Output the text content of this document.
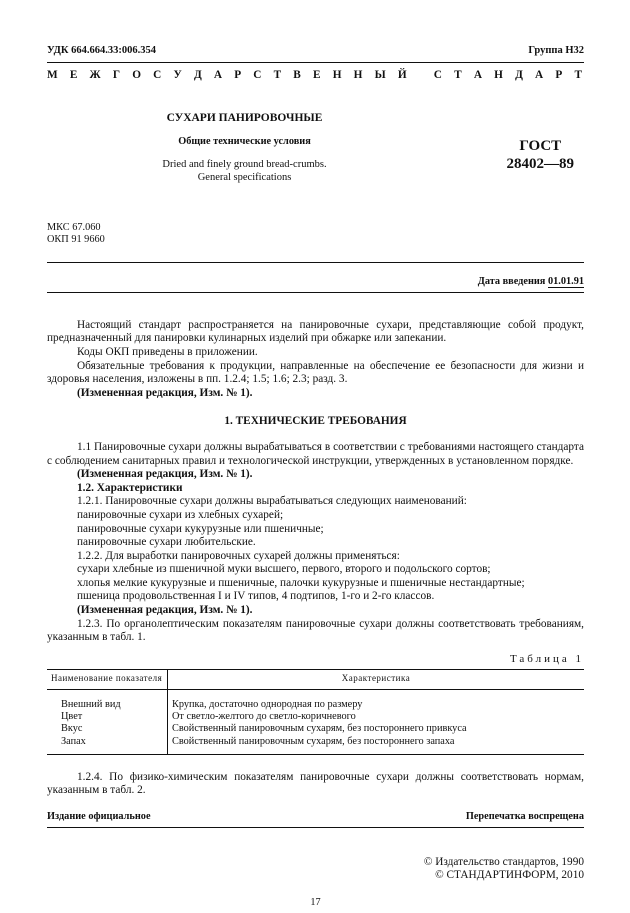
УДК 664.664.33:006.354	Группа Н32
М Е Ж Г О С У Д А Р С Т В Е Н Н Ы Й
С Т А Н Д А Р Т
СУХАРИ ПАНИРОВОЧНЫЕ
Общие технические условия
Dried and finely ground bread-crumbs.
General specifications
ГОСТ
28402—89
МКС 67.060
ОКП 91 9660
Дата введения 01.01.91

Настоящий стандарт распространяется на панировочные сухари, представляющие собой продукт, предназначенный для панировки кулинарных изделий при обжарке или запекании.

Коды ОКП приведены в приложении.

Обязательные требования к продукции, направленные на обеспечение ее безопасности для жизни и здоровья населения, изложены в пп. 1.2.4; 1.5; 1.6; 2.3; разд. 3.

(Измененная редакция, Изм. № 1).

1. ТЕХНИЧЕСКИЕ ТРЕБОВАНИЯ

1.1 Панировочные сухари должны вырабатываться в соответствии с требованиями настоящего стандарта с соблюдением санитарных правил и технологической инструкции, утвержденных в установленном порядке.

(Измененная редакция, Изм. № 1).

1.2. Характеристики

1.2.1. Панировочные сухари должны вырабатываться следующих наименований:

панировочные сухари из хлебных сухарей;

панировочные сухари кукурузные или пшеничные;

панировочные сухари любительские.

1.2.2. Для выработки панировочных сухарей должны применяться:

сухари хлебные из пшеничной муки высшего, первого, второго и подольского сортов;

хлопья мелкие кукурузные и пшеничные, палочки кукурузные и пшеничные нестандартные;

пшеница продовольственная I и IV типов, 4 подтипов, 1-го и 2-го классов.

(Измененная редакция, Изм. № 1).

1.2.3. По органолептическим показателям панировочные сухари должны соответствовать требованиям, указанным в табл. 1.

Таблица 1
Наименование показателя	Характеристика
Внешний вид	Крупка, достаточно однородная по размеру
Цвет	От светло-желтого до светло-коричневого
Вкус	Свойственный панировочным сухарям, без постороннего привкуса
Запах	Свойственный панировочным сухарям, без постороннего запаха

1.2.4. По физико-химическим показателям панировочные сухари должны соответствовать нормам, указанным в табл. 2.

Издание официальное	Перепечатка воспрещена
© Издательство стандартов, 1990
© СТАНДАРТИНФОРМ, 2010
17
